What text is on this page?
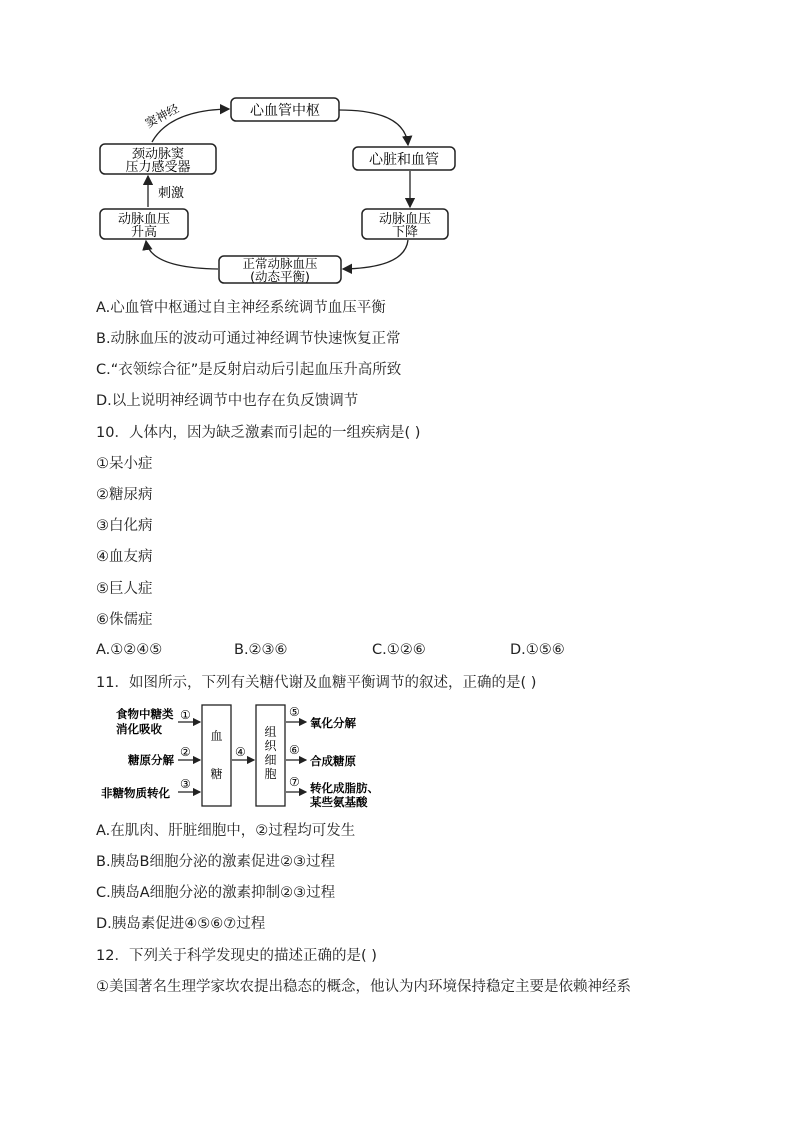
心血管中枢
心脏和血管
动脉血压
下降
正常动脉血压
(动态平衡)
动脉血压
升高
颈动脉窦
压力感受器
刺激
窦神经
A.心血管中枢通过自主神经系统调节血压平衡
B.动脉血压的波动可通过神经调节快速恢复正常
C.“衣领综合征”是反射启动后引起血压升高所致
D.以上说明神经调节中也存在负反馈调节
10．人体内，因为缺乏激素而引起的一组疾病是( )
①呆小症
②糖尿病
③白化病
④血友病
⑤巨人症
⑥侏儒症
A.①②④⑤	B.②③⑥	C.①②⑥	D.①⑤⑥
11．如图所示，下列有关糖代谢及血糖平衡调节的叙述，正确的是( )
血
糖
组
织
细
胞
食物中糖类
消化吸收
①
糖原分解
②
非糖物质转化
③
④
⑤
氧化分解
⑥
合成糖原
⑦ 转化成脂肪、
某些氨基酸
A.在肌肉、肝脏细胞中，②过程均可发生
B.胰岛B细胞分泌的激素促进②③过程
C.胰岛A细胞分泌的激素抑制②③过程
D.胰岛素促进④⑤⑥⑦过程
12．下列关于科学发现史的描述正确的是( )
①美国著名生理学家坎农提出稳态的概念，他认为内环境保持稳定主要是依赖神经系
